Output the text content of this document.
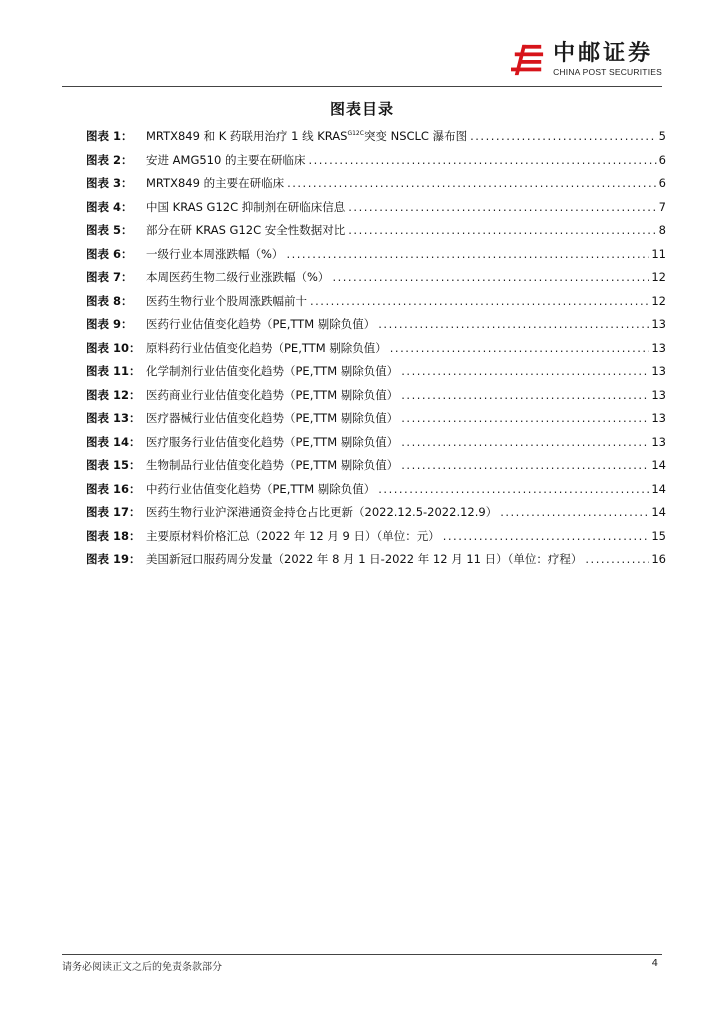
中邮证券
CHINA POST SECURITIES
图表目录
图表 1：	MRTX849 和 K 药联用治疗 1 线 $KRAS^{G12C}$突变 NSCLC 瀑布图 .....	5
图表 2：	安进 AMG510 的主要在研临床 .....	6
图表 3：	MRTX849 的主要在研临床 .....	6
图表 4：	中国 KRAS G12C 抑制剂在研临床信息 .....	7
图表 5：	部分在研 KRAS G12C 安全性数据对比 .....	8
图表 6：	一级行业本周涨跌幅（%） .....	11
图表 7：	本周医药生物二级行业涨跌幅（%） .....	12
图表 8：	医药生物行业个股周涨跌幅前十 .....	12
图表 9：	医药行业估值变化趋势（PE,TTM 剔除负值） .....	13
图表 10： 原料药行业估值变化趋势（PE,TTM 剔除负值） .....	13
图表 11： 化学制剂行业估值变化趋势（PE,TTM 剔除负值） .....	13
图表 12： 医药商业行业估值变化趋势（PE,TTM 剔除负值） .....	13
图表 13： 医疗器械行业估值变化趋势（PE,TTM 剔除负值） .....	13
图表 14： 医疗服务行业估值变化趋势（PE,TTM 剔除负值） .....	13
图表 15： 生物制品行业估值变化趋势（PE,TTM 剔除负值） .....	14
图表 16： 中药行业估值变化趋势（PE,TTM 剔除负值） .....	14
图表 17： 医药生物行业沪深港通资金持仓占比更新（2022.12.5-2022.12.9） .....	14
图表 18： 主要原材料价格汇总（2022 年 12 月 9 日）（单位：元） .....	15
图表 19： 美国新冠口服药周分发量（2022 年 8 月 1 日-2022 年 12 月 11 日）（单位：疗程） .....	16
请务必阅读正文之后的免责条款部分	4
